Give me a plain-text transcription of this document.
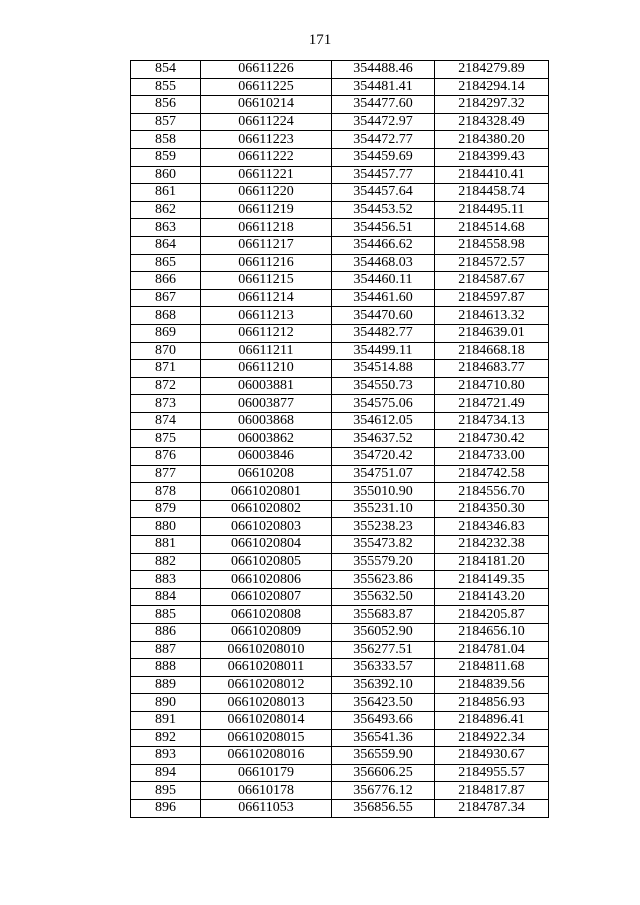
171
854	06611226	354488.46	2184279.89
855	06611225	354481.41	2184294.14
856	06610214	354477.60	2184297.32
857	06611224	354472.97	2184328.49
858	06611223	354472.77	2184380.20
859	06611222	354459.69	2184399.43
860	06611221	354457.77	2184410.41
861	06611220	354457.64	2184458.74
862	06611219	354453.52	2184495.11
863	06611218	354456.51	2184514.68
864	06611217	354466.62	2184558.98
865	06611216	354468.03	2184572.57
866	06611215	354460.11	2184587.67
867	06611214	354461.60	2184597.87
868	06611213	354470.60	2184613.32
869	06611212	354482.77	2184639.01
870	06611211	354499.11	2184668.18
871	06611210	354514.88	2184683.77
872	06003881	354550.73	2184710.80
873	06003877	354575.06	2184721.49
874	06003868	354612.05	2184734.13
875	06003862	354637.52	2184730.42
876	06003846	354720.42	2184733.00
877	06610208	354751.07	2184742.58
878	0661020801	355010.90	2184556.70
879	0661020802	355231.10	2184350.30
880	0661020803	355238.23	2184346.83
881	0661020804	355473.82	2184232.38
882	0661020805	355579.20	2184181.20
883	0661020806	355623.86	2184149.35
884	0661020807	355632.50	2184143.20
885	0661020808	355683.87	2184205.87
886	0661020809	356052.90	2184656.10
887	06610208010	356277.51	2184781.04
888	06610208011	356333.57	2184811.68
889	06610208012	356392.10	2184839.56
890	06610208013	356423.50	2184856.93
891	06610208014	356493.66	2184896.41
892	06610208015	356541.36	2184922.34
893	06610208016	356559.90	2184930.67
894	06610179	356606.25	2184955.57
895	06610178	356776.12	2184817.87
896	06611053	356856.55	2184787.34
